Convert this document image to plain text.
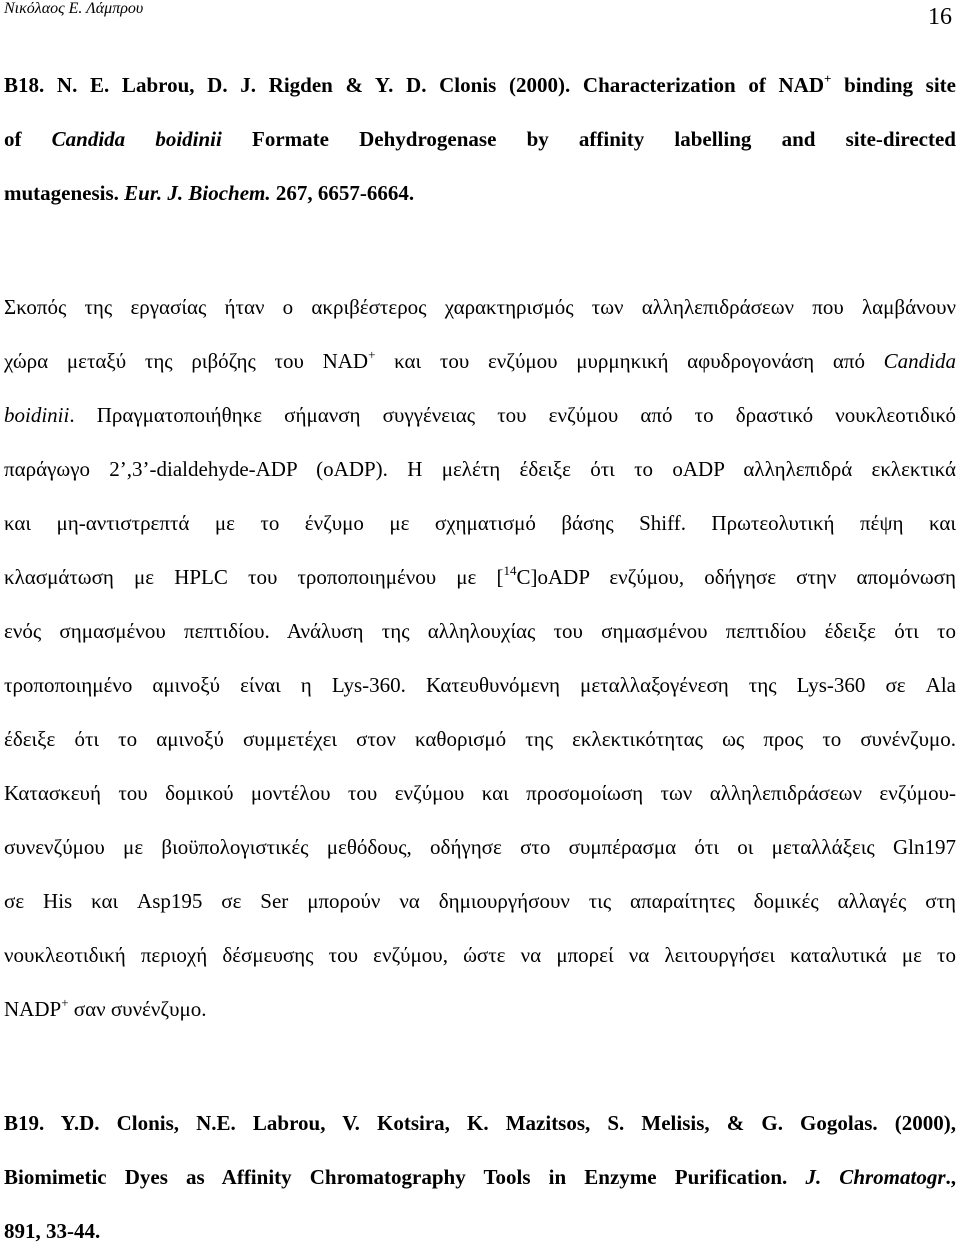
Νικόλαος Ε. Λάμπρου	16
B18. N. E. Labrou, D. J. Rigden & Y. D. Clonis (2000). Characterization of NAD+ binding site
of Candida boidinii Formate Dehydrogenase by affinity labelling and site-directed
mutagenesis. Eur. J. Biochem. 267, 6657-6664.
Σκοπός της εργασίας ήταν ο ακριβέστερος χαρακτηρισμός των αλληλεπιδράσεων που λαμβάνουν
χώρα μεταξύ της ριβόζης του NAD+ και του ενζύμου μυρμηκική αφυδρογονάση από Candida
boidinii. Πραγματοποιήθηκε σήμανση συγγένειας του ενζύμου από το δραστικό νουκλεοτιδικό
παράγωγο 2’,3’-dialdehyde-ADP (oADP). Η μελέτη έδειξε ότι το oADP αλληλεπιδρά εκλεκτικά
και μη-αντιστρεπτά με το ένζυμο με σχηματισμό βάσης Shiff. Πρωτεολυτική πέψη και
κλασμάτωση με HPLC του τροποποιημένου με [$^{14}$C]oADP ενζύμου, οδήγησε στην απομόνωση
ενός σημασμένου πεπτιδίου. Ανάλυση της αλληλουχίας του σημασμένου πεπτιδίου έδειξε ότι το
τροποποιημένο αμινοξύ είναι η Lys-360. Κατευθυνόμενη μεταλλαξογένεση της Lys-360 σε Ala
έδειξε ότι το αμινοξύ συμμετέχει στον καθορισμό της εκλεκτικότητας ως προς το συνένζυμο.
Κατασκευή του δομικού μοντέλου του ενζύμου και προσομοίωση των αλληλεπιδράσεων ενζύμου-
συνενζύμου με βιοϋπολογιστικές μεθόδους, οδήγησε στο συμπέρασμα ότι οι μεταλλάξεις Gln197
σε His και Asp195 σε Ser μπορούν να δημιουργήσουν τις απαραίτητες δομικές αλλαγές στη
νουκλεοτιδική περιοχή δέσμευσης του ενζύμου, ώστε να μπορεί να λειτουργήσει καταλυτικά με το
NADP+ σαν συνένζυμο.
B19. Y.D. Clonis, N.E. Labrou, V. Kotsira, K. Mazitsos, S. Melisis, & G. Gogolas. (2000),
Biomimetic Dyes as Affinity Chromatography Tools in Enzyme Purification. J. Chromatogr.,
891, 33-44.
